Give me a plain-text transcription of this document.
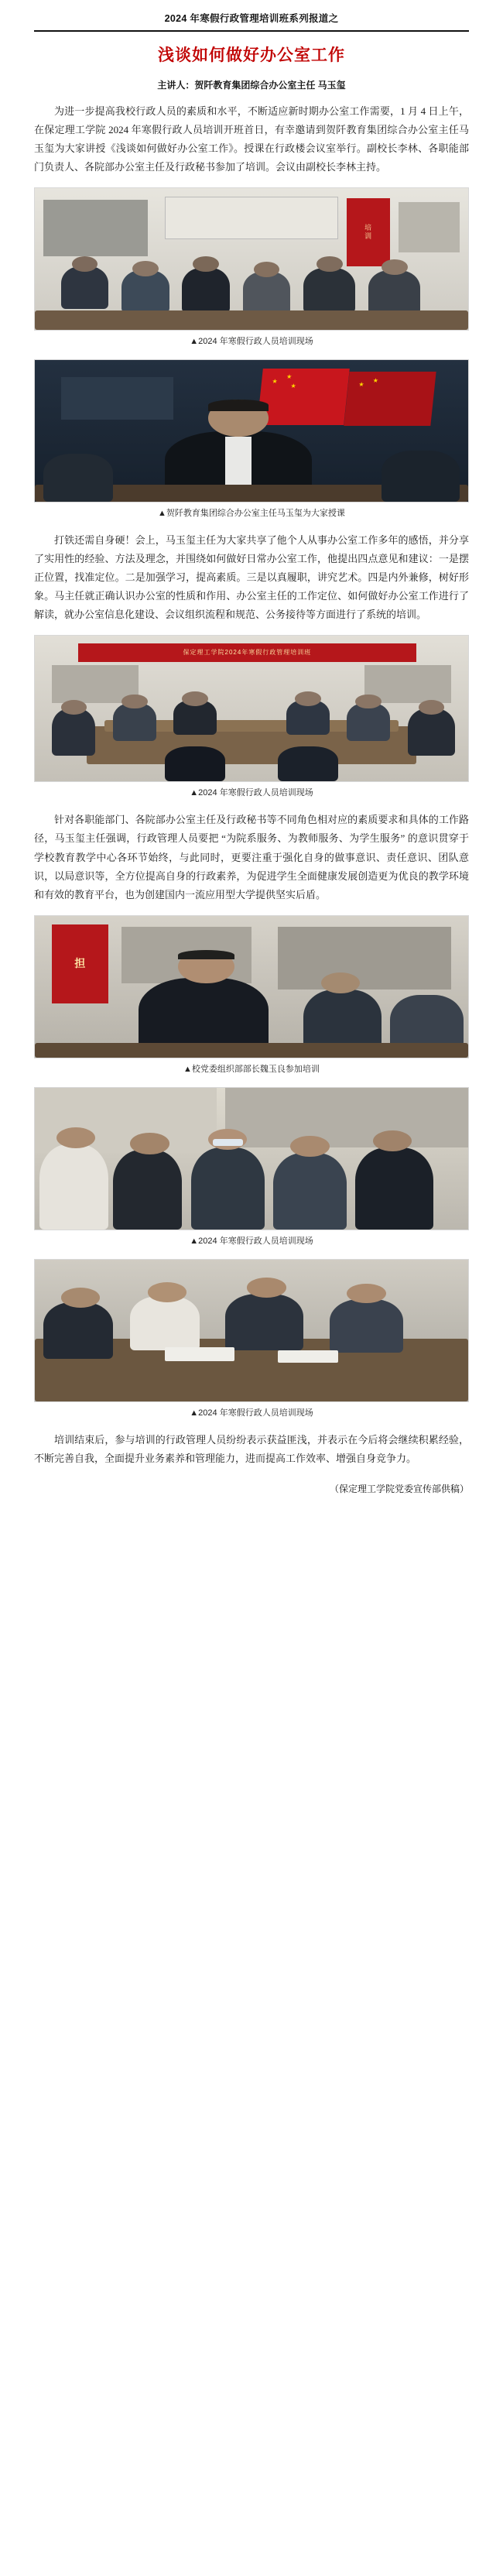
2024 年寒假行政管理培训班系列报道之
浅谈如何做好办公室工作
主讲人：贺阡教育集团综合办公室主任 马玉玺

为进一步提高我校行政人员的素质和水平，不断适应新时期办公室工作需要，1 月 4 日上午，在保定理工学院 2024 年寒假行政人员培训开班首日，有幸邀请到贺阡教育集团综合办公室主任马玉玺为大家讲授《浅谈如何做好办公室工作》。授课在行政楼会议室举行。副校长李林、各职能部门负责人、各院部办公室主任及行政秘书参加了培训。会议由副校长李林主持。

培
训
▲2024 年寒假行政人员培训现场
★
★
★	★ ★
▲贺阡教育集团综合办公室主任马玉玺为大家授课

打铁还需自身硬！会上，马玉玺主任为大家共享了他个人从事办公室工作多年的感悟，并分享了实用性的经验、方法及理念，并围绕如何做好日常办公室工作，他提出四点意见和建议：一是摆正位置，找准定位。二是加强学习，提高素质。三是以真履职，讲究艺术。四是内外兼修，树好形象。马主任就正确认识办公室的性质和作用、办公室主任的工作定位、如何做好办公室工作进行了解读，就办公室信息化建设、会议组织流程和规范、公务接待等方面进行了系统的培训。

保定理工学院2024年寒假行政管理培训班
▲2024 年寒假行政人员培训现场

针对各职能部门、各院部办公室主任及行政秘书等不同角色相对应的素质要求和具体的工作路径，马玉玺主任强调，行政管理人员要把 “为院系服务、为教师服务、为学生服务” 的意识贯穿于学校教育教学中心各环节始终，与此同时，更要注重于强化自身的做事意识、责任意识、团队意识，以局意识等，全方位提高自身的行政素养，为促进学生全面健康发展创造更为优良的教学环境和有效的教育平台，也为创建国内一流应用型大学提供坚实后盾。

担
▲校党委组织部部长魏玉良参加培训
▲2024 年寒假行政人员培训现场
▲2024 年寒假行政人员培训现场

培训结束后，参与培训的行政管理人员纷纷表示获益匪浅，并表示在今后将会继续积累经验，不断完善自我，全面提升业务素养和管理能力，进而提高工作效率、增强自身竞争力。

（保定理工学院党委宣传部供稿）
